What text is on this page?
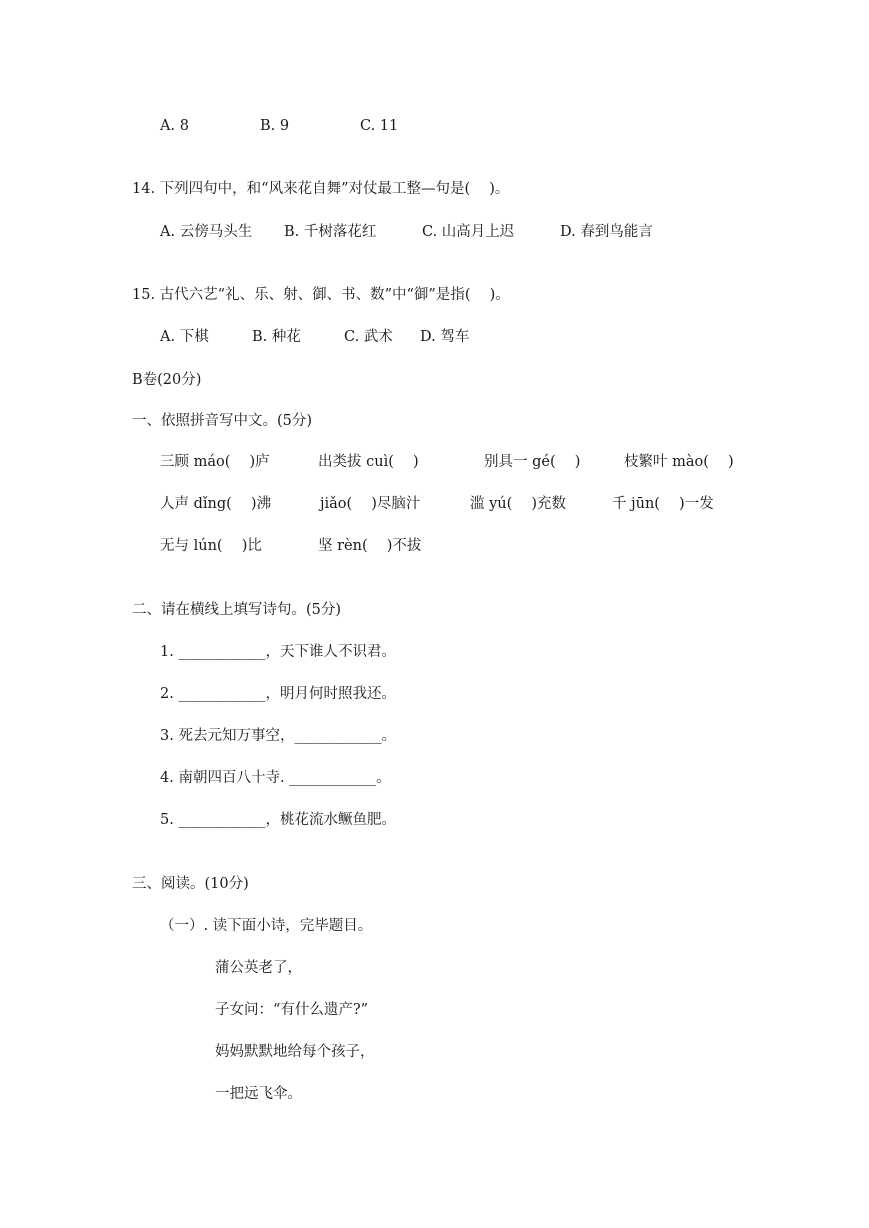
A. 8	B. 9	C. 11
14. 下列四句中，和“风来花自舞”对仗最工整—句是(　 )。
A. 云傍马头生 B. 千树落花红	C. 山高月上迟	D. 春到鸟能言
15. 古代六艺“礼、乐、射、御、书、数”中“御”是指(　 )。
A. 下棋	B. 种花	C. 武术 D. 驾车
B卷(20分)
一、依照拼音写中文。(5分)
三顾 máo(　 )庐	出类拔 cuì(　 )	别具一 gé(　 )	枝繁叶 mào(　 )
人声 dǐng(　 )沸	jiǎo(　 )尽脑汁	滥 yú(　 )充数	千 jūn(　 )一发
无与 lún(　 )比	坚 rèn(　 )不拔
二、请在横线上填写诗句。(5分)
1. ____________，天下谁人不识君。
2. ____________，明月何时照我还。
3. 死去元知万事空，____________。
4. 南朝四百八十寺. ____________。
5. ____________，桃花流水鳜鱼肥。
三、阅读。(10分)
（一）. 读下面小诗，完毕题目。
蒲公英老了，
子女问：“有什么遗产?”
妈妈默默地给每个孩子，
一把远飞伞。
